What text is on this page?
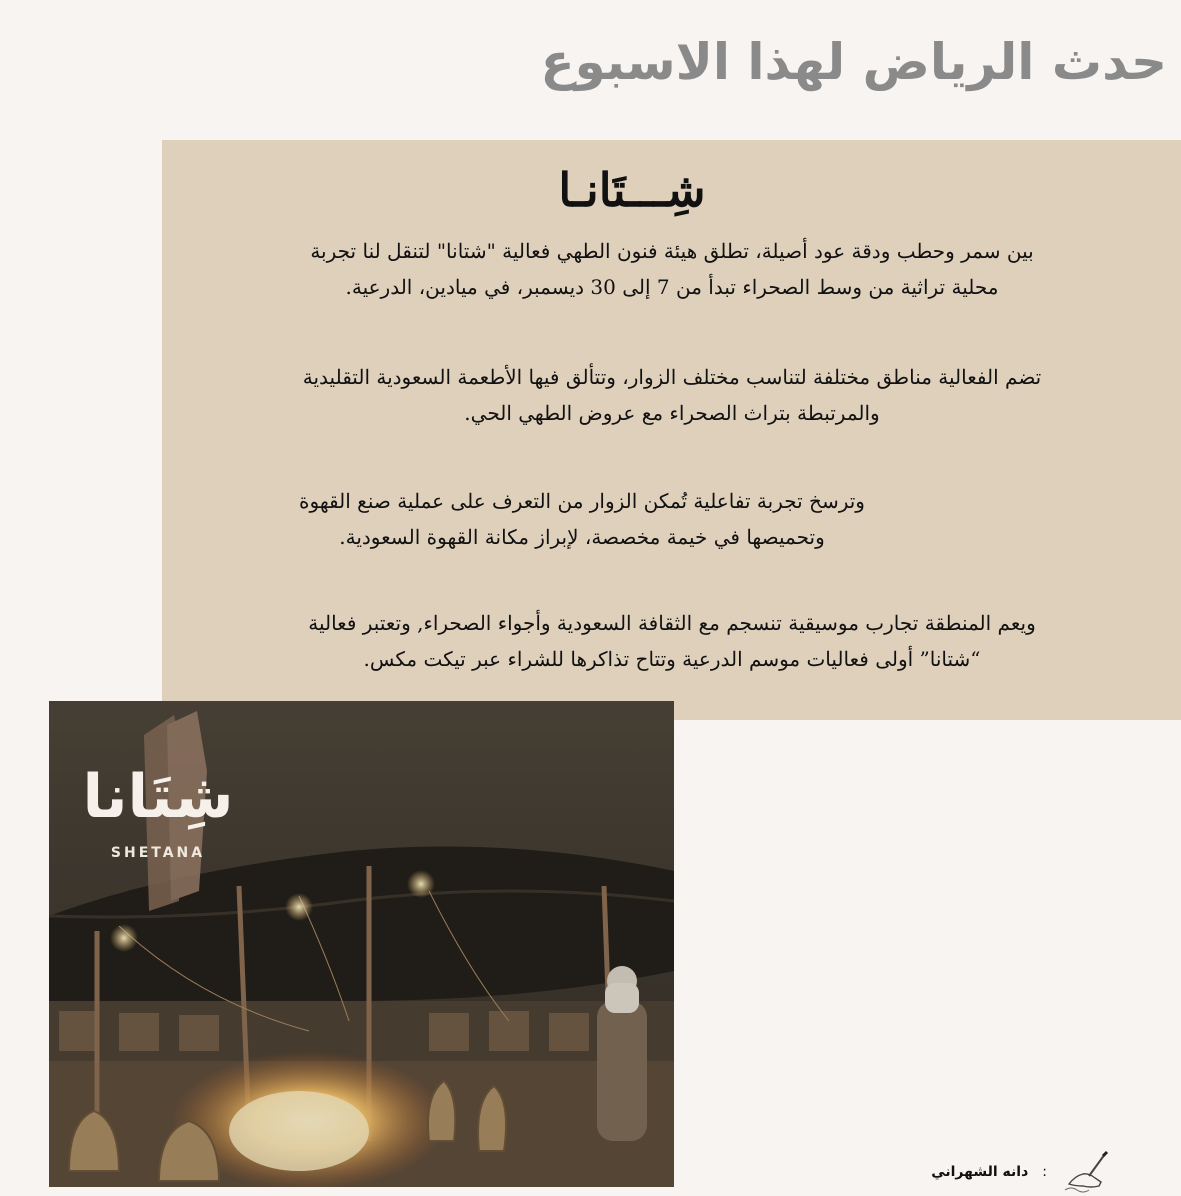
حدث الرياض لهذا الاسبوع
شِـــتَانـا
بين سمر وحطب ودقة عود أصيلة، تطلق هيئة فنون الطهي فعالية "شتانا" لتنقل لنا تجربة
محلية تراثية من وسط الصحراء تبدأ من 7 إلى 30 ديسمبر، في ميادين، الدرعية.
تضم الفعالية مناطق مختلفة لتناسب مختلف الزوار، وتتألق فيها الأطعمة السعودية التقليدية
والمرتبطة بتراث الصحراء مع عروض الطهي الحي.
وترسخ تجربة تفاعلية تُمكن الزوار من التعرف على عملية صنع القهوة
وتحميصها في خيمة مخصصة، لإبراز مكانة القهوة السعودية.
ويعم المنطقة تجارب موسيقية تنسجم مع الثقافة السعودية وأجواء الصحراء, وتعتبر فعالية
“شتانا” أولى فعاليات موسم الدرعية وتتاح تذاكرها للشراء عبر تيكت مكس.
شِتَانا
SHETANA
:
دانه الشهراني
